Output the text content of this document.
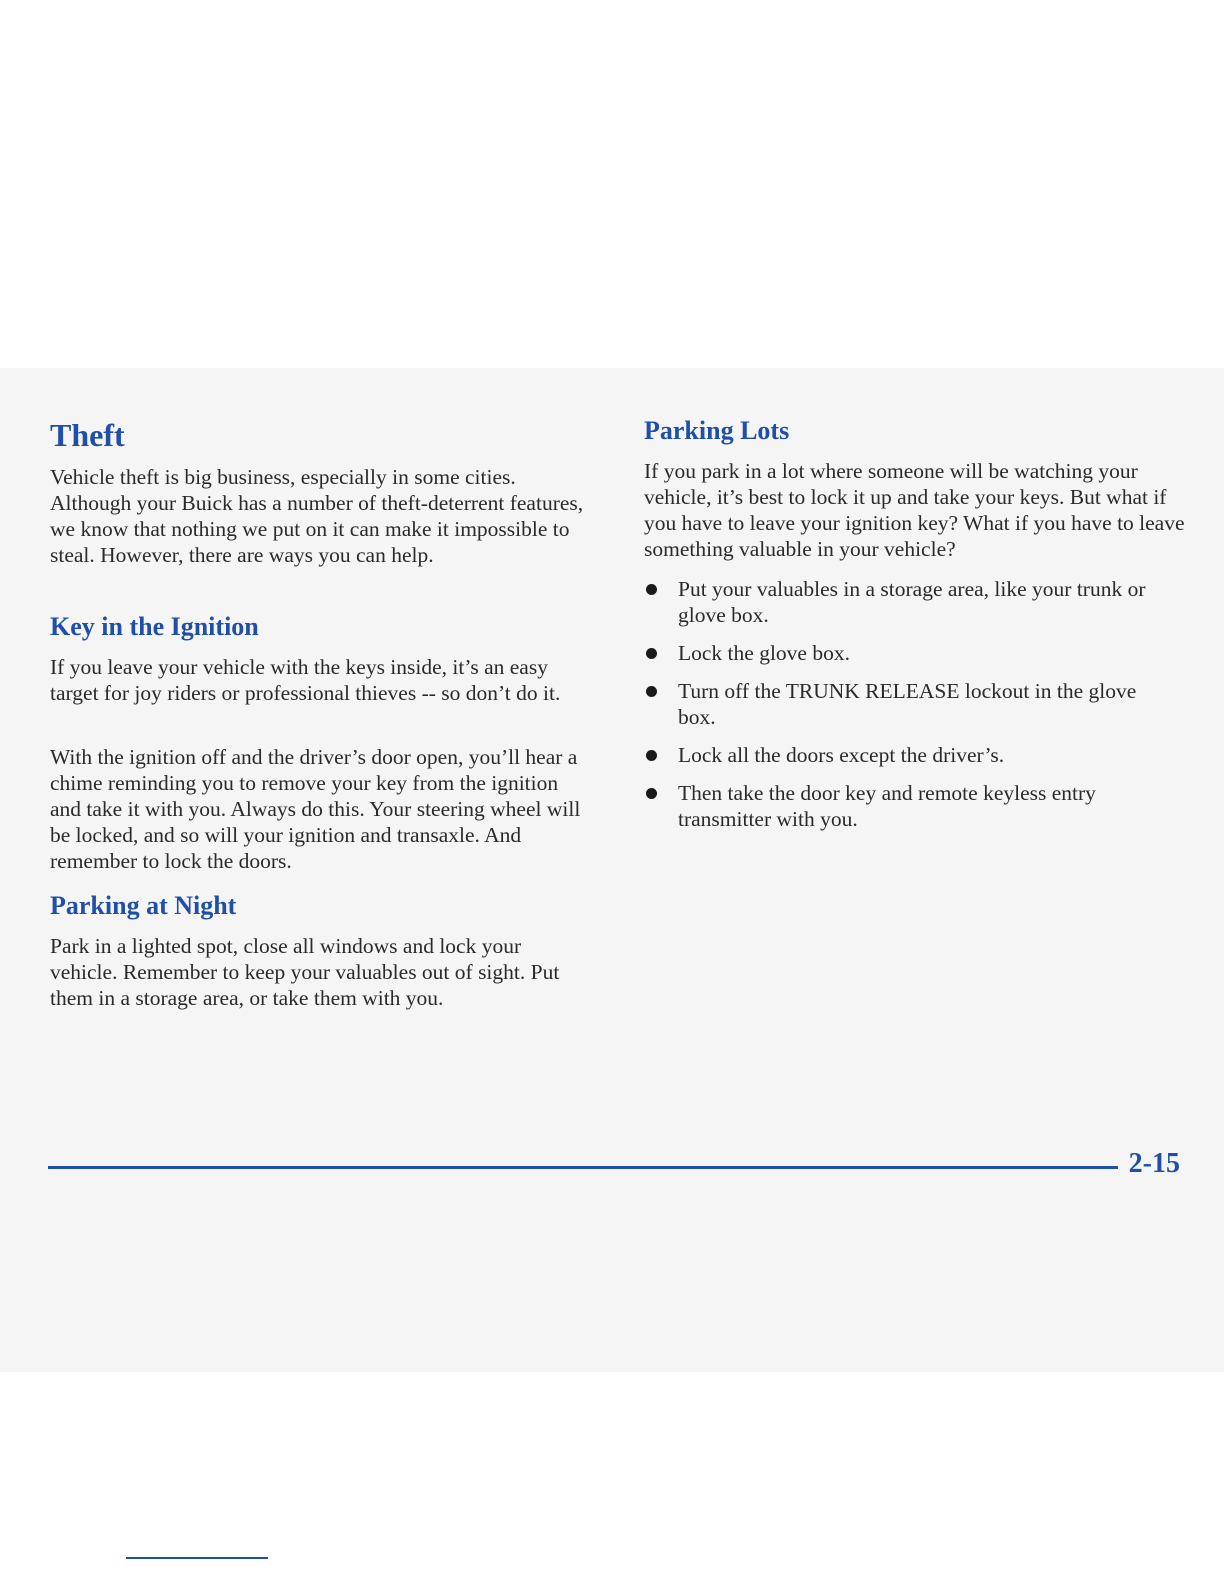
Theft

Vehicle theft is big business, especially in some cities. Although your Buick has a number of theft-deterrent features, we know that nothing we put on it can make it impossible to steal. However, there are ways you can help.

Key in the Ignition

If you leave your vehicle with the keys inside, it’s an easy target for joy riders or professional thieves -- so don’t do it.

With the ignition off and the driver’s door open, you’ll hear a chime reminding you to remove your key from the ignition and take it with you. Always do this. Your steering wheel will be locked, and so will your ignition and transaxle. And remember to lock the doors.

Parking at Night

Park in a lighted spot, close all windows and lock your vehicle. Remember to keep your valuables out of sight. Put them in a storage area, or take them with you.

Parking Lots

If you park in a lot where someone will be watching your vehicle, it’s best to lock it up and take your keys. But what if you have to leave your ignition key? What if you have to leave something valuable in your vehicle?

Put your valuables in a storage area, like your trunk or glove box.
Lock the glove box.
Turn off the TRUNK RELEASE lockout in the glove box.
Lock all the doors except the driver’s.
Then take the door key and remote keyless entry transmitter with you.
2-15
